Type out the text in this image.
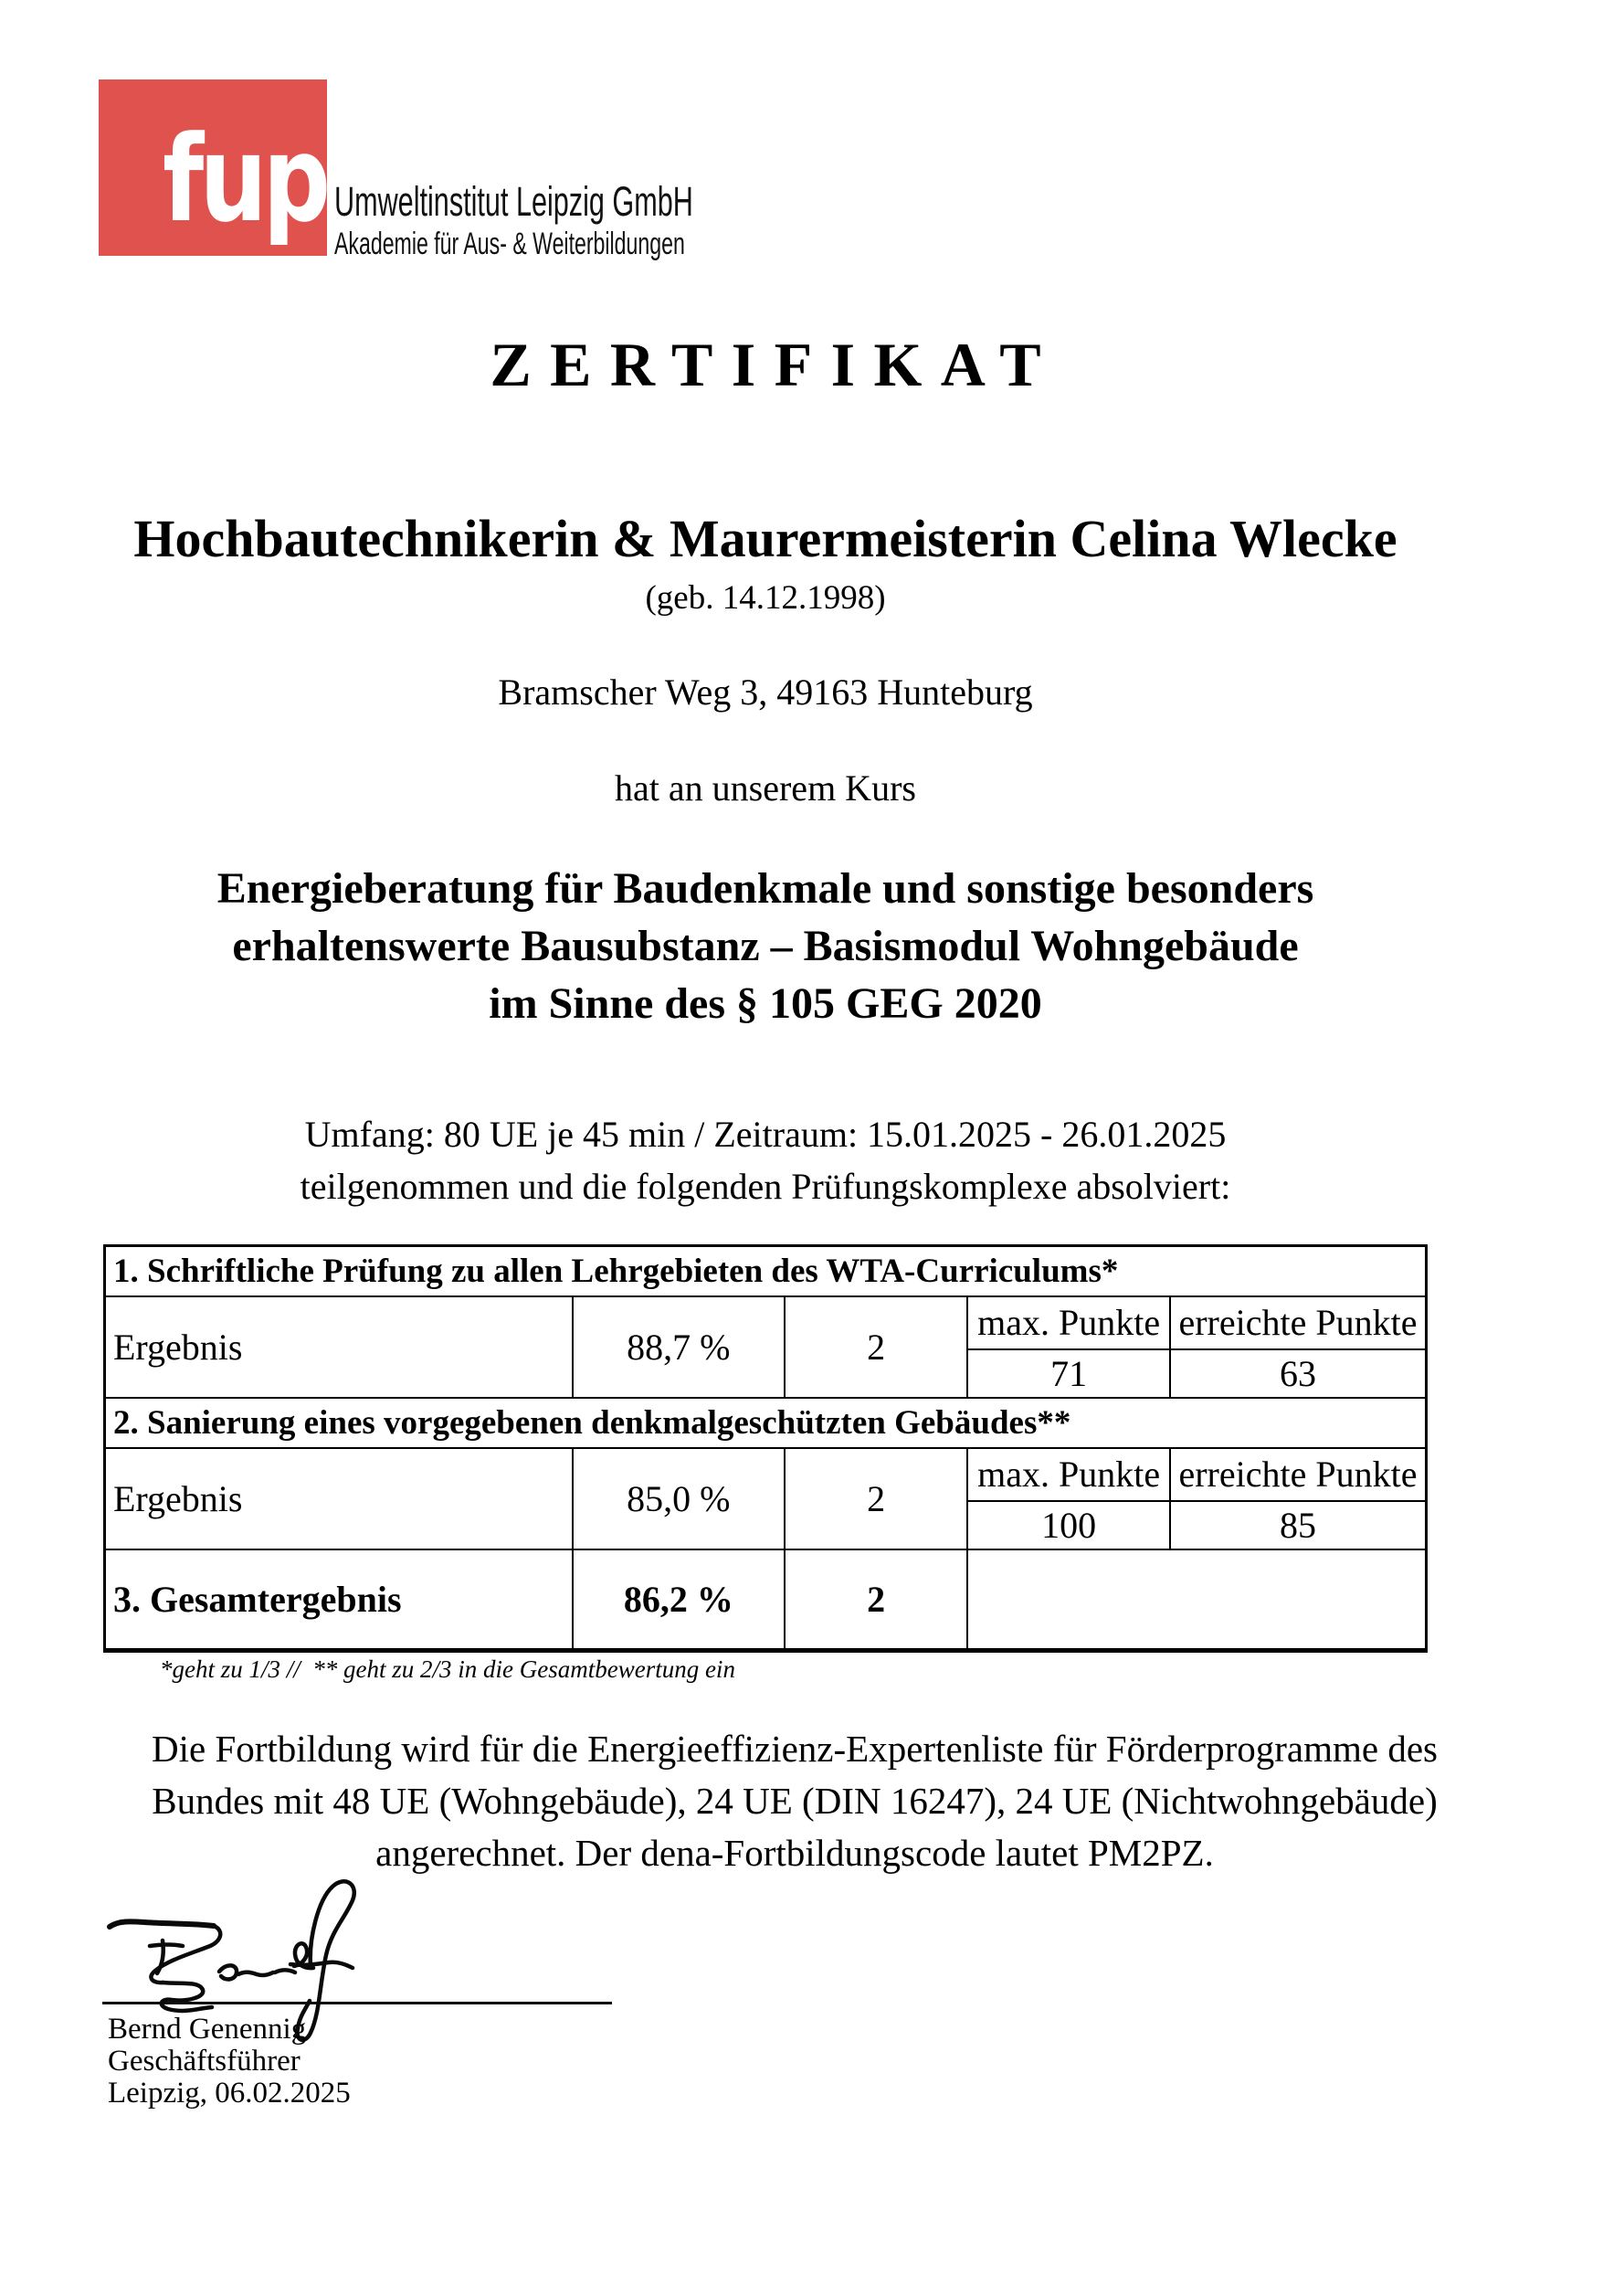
fup Umweltinstitut Leipzig GmbH
Akademie für Aus- & Weiterbildungen
ZERTIFIKAT
Hochbautechnikerin & Maurermeisterin Celina Wlecke
(geb. 14.12.1998)
Bramscher Weg 3, 49163 Hunteburg
hat an unserem Kurs
Energieberatung für Baudenkmale und sonstige besonders
erhaltenswerte Bausubstanz – Basismodul Wohngebäude
im Sinne des § 105 GEG 2020
Umfang: 80 UE je 45 min / Zeitraum: 15.01.2025 - 26.01.2025
teilgenommen und die folgenden Prüfungskomplexe absolviert:
1. Schriftliche Prüfung zu allen Lehrgebieten des WTA-Curriculums*				
Ergebnis	88,7 %	2	max. Punkte	erreichte Punkte
			71	63
2. Sanierung eines vorgegebenen denkmalgeschützten Gebäudes**				
Ergebnis	85,0 %	2	max. Punkte	erreichte Punkte
			100	85
3. Gesamtergebnis	86,2 %	2		
*geht zu 1/3 //  ** geht zu 2/3 in die Gesamtbewertung ein
Die Fortbildung wird für die Energieeffizienz-Expertenliste für Förderprogramme des
Bundes mit 48 UE (Wohngebäude), 24 UE (DIN 16247), 24 UE (Nichtwohngebäude)
angerechnet. Der dena-Fortbildungscode lautet PM2PZ.
Bernd Genennig
Geschäftsführer
Leipzig, 06.02.2025
